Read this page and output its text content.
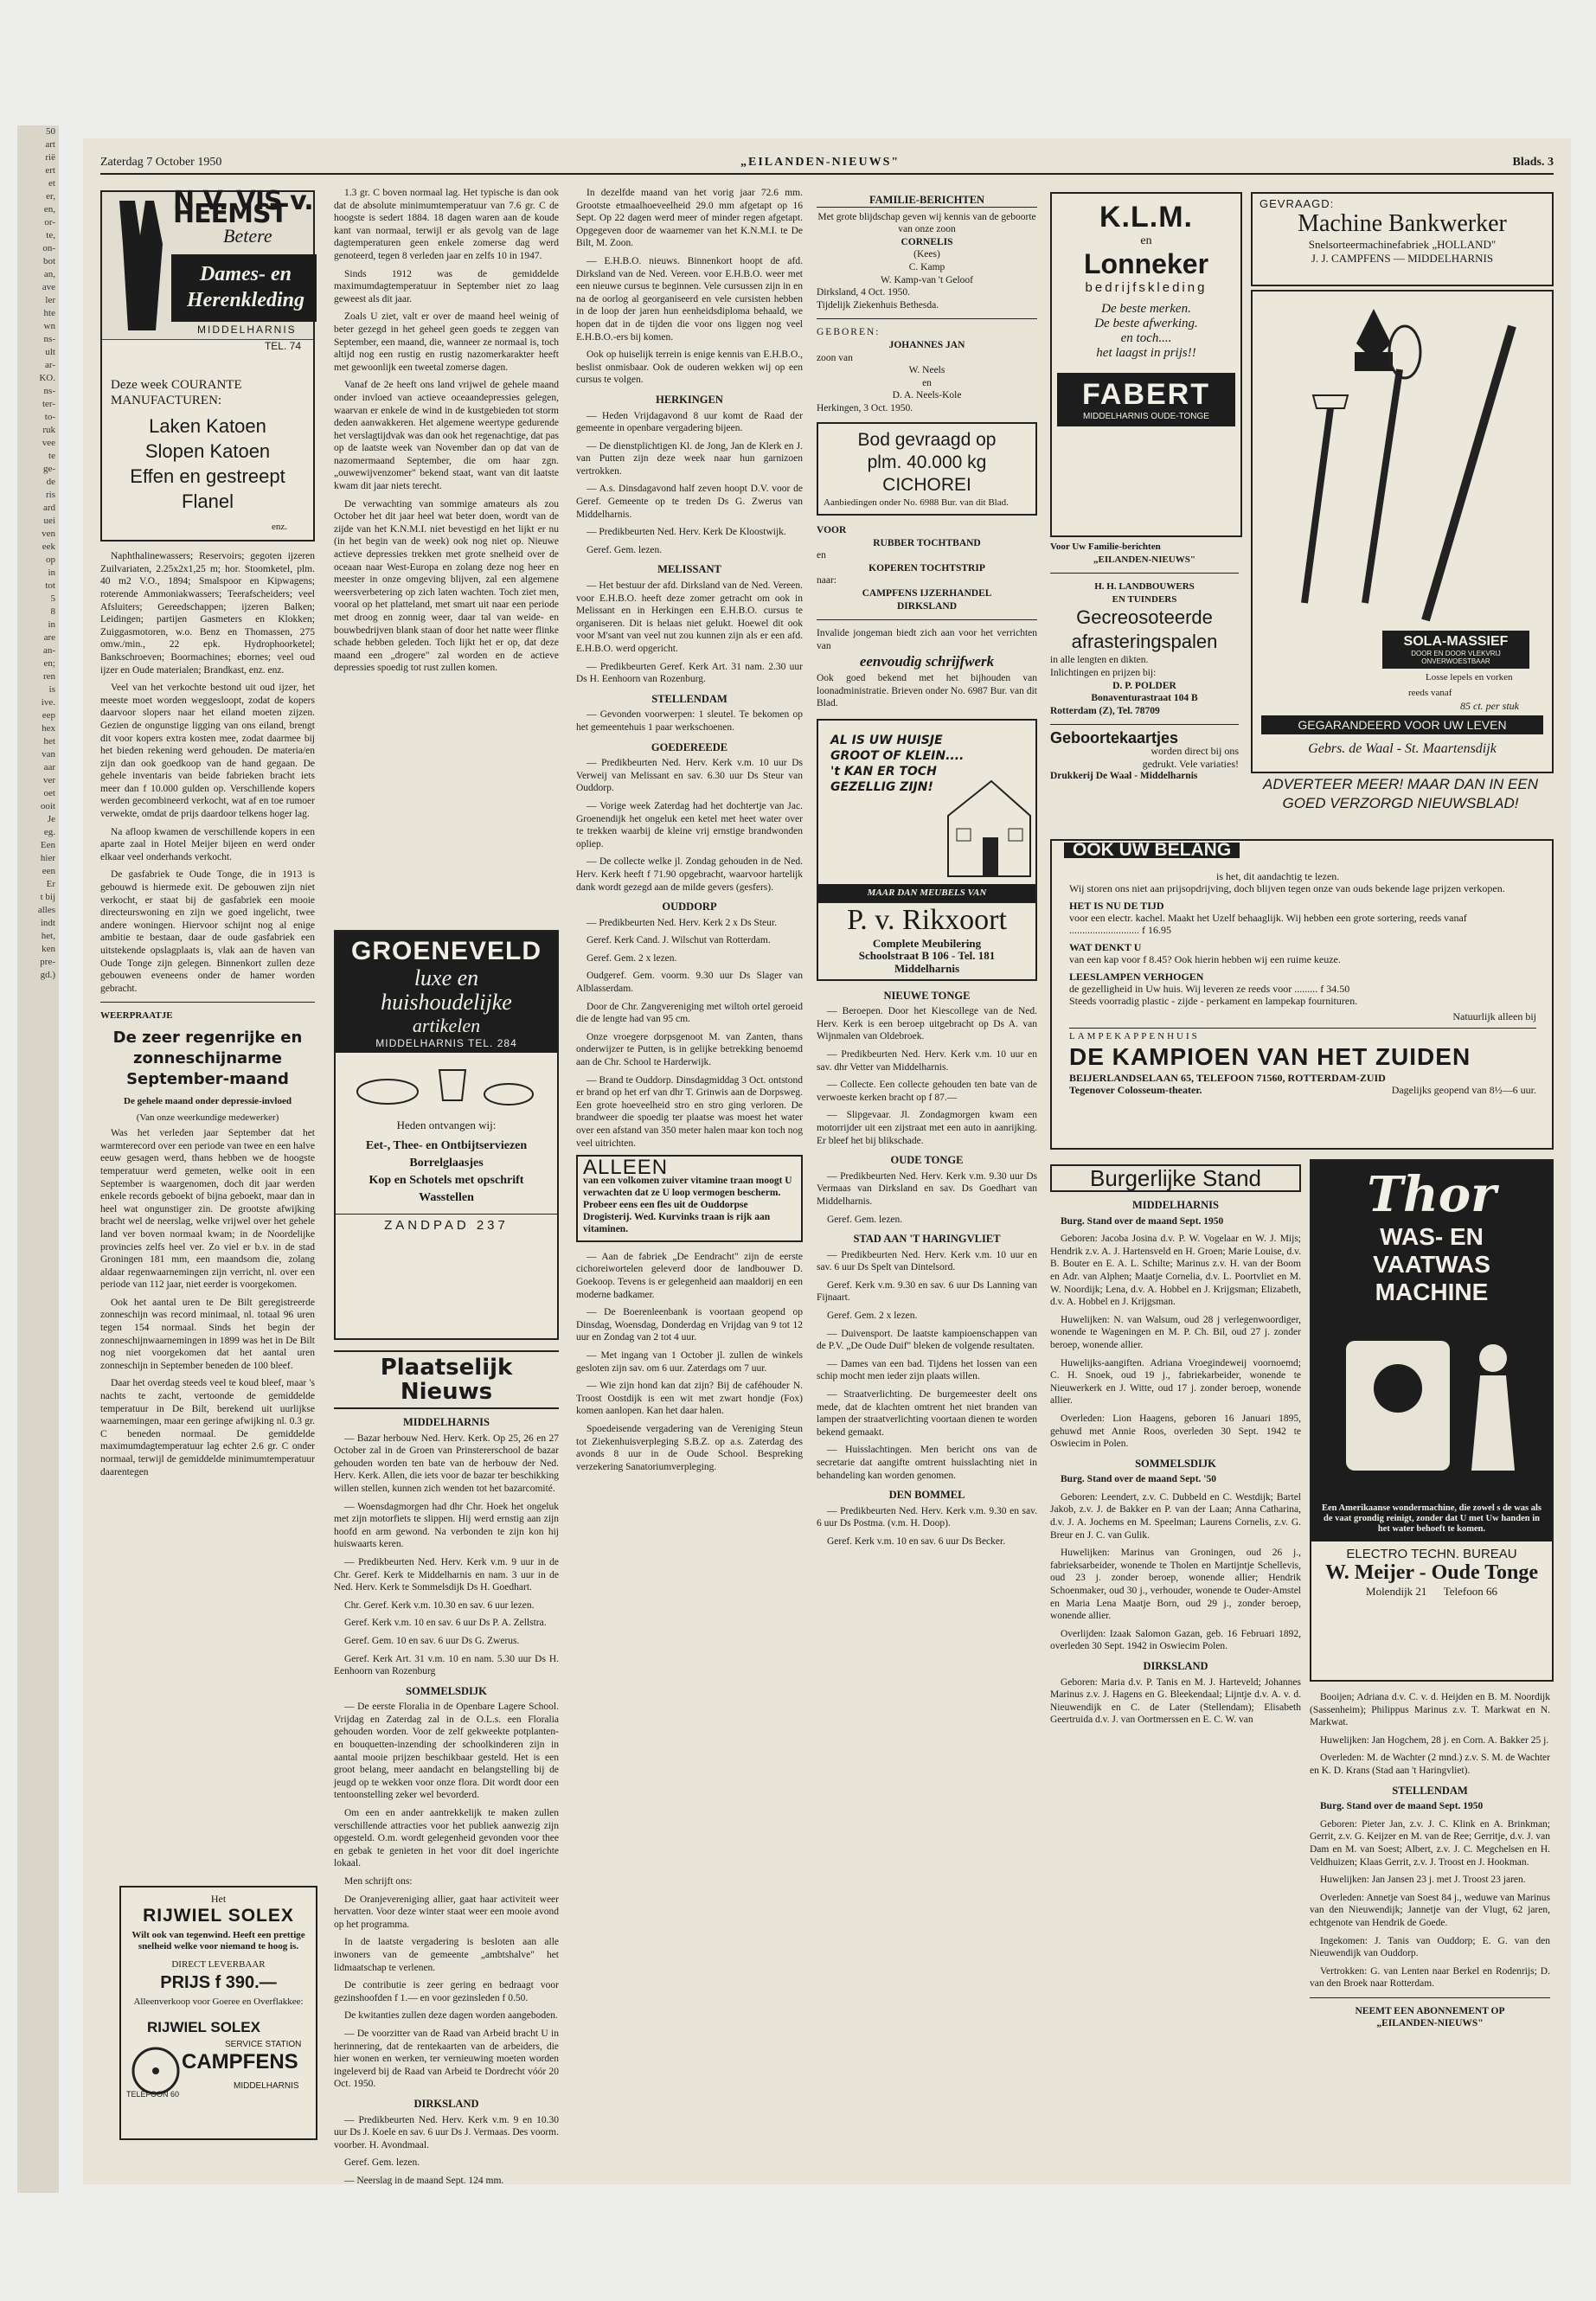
50
art
rië
ert
et
er,
en,
or-
te,
on-
bot
an,
ave
ler
hte
wn
ns-
ult
ar-
KO.
ns-
ter-
to-
ruk
vee
te
ge-
de
ris
ard
uei
ven
eek
op
in
tot
5
8
in
are
an-
en;
ren
is
ive.
eep
hex
het
van
aar
ver
oet
ooit
Je
eg.
Een
hier
een
Er
t bij
alles
indt
het,
ken
pre-
gd.)
Zaterdag 7 October 1950	„EILANDEN-NIEUWS"	Blads. 3
N.V. VIS v. HEEMST
Betere
Dames- en Herenkleding
MIDDELHARNIS
TEL. 74
Deze week COURANTE MANUFACTUREN:
Laken Katoen
Slopen Katoen
Effen en gestreept Flanel
enz.

Naphthalinewassers; Reservoirs; gegoten ijzeren Zuilvariaten, 2.25x2x1,25 m; hor. Stoomketel, plm. 40 m2 V.O., 1894; Smalspoor en Kipwagens; roterende Ammoniakwassers; Teerafscheiders; veel Afsluiters; Gereedschappen; ijzeren Balken; Leidingen; partijen Gasmeters en Klokken; Zuiggasmotoren, w.o. Benz en Thomassen, 275 omw./min., 22 epk. Hydrophoorketel; Bankschroeven; Boormachines; ebornes; veel oud ijzer en Oude materialen; Brandkast, enz. enz.

Veel van het verkochte bestond uit oud ijzer, het meeste moet worden weggesloopt, zodat de kopers daarvoor slopers naar het eiland moeten zijzen. Gezien de ongunstige ligging van ons eiland, brengt dit voor kopers extra kosten mee, zodat daarmee bij het bieden rekening werd gehouden. De materia/en zijn dan ook goedkoop van de hand gegaan. De gehele inventaris van beide fabrieken bracht iets meer dan f 10.000 gulden op. Verschillende kopers werden gecombineerd verkocht, wat af en toe rumoer verwekte, omdat de prijs daardoor telkens hoger lag.

Na afloop kwamen de verschillende kopers in een aparte zaal in Hotel Meijer bijeen en werd onder elkaar veel onderhands verkocht.

De gasfabriek te Oude Tonge, die in 1913 is gebouwd is hiermede exit. De gebouwen zijn niet verkocht, er staat bij de gasfabriek een mooie directeurswoning en zijn we goed ingelicht, twee andere woningen. Hiervoor schijnt nog al enige ambitie te bestaan, daar de oude gasfabriek een uitstekende opslagplaats is, vlak aan de haven van Oude Tonge zijn gelegen. Binnenkort zullen deze gebouwen eveneens onder de hamer worden gebracht.

WEERPRAATJE
De zeer regenrijke en zonneschijnarme September-maand
De gehele maand onder depressie-invloed
(Van onze weerkundige medewerker)

Was het verleden jaar September dat het warmterecord over een periode van twee en een halve eeuw gesagen werd, thans hebben we de hoogste temperatuur werd gemeten, welke ooit in een September is waargenomen, doch dit jaar werden enkele records geboekt of bijna geboekt, maar dan in heel wat ongunstiger zin. De grootste afwijking bracht wel de neerslag, welke vrijwel over het gehele land ver boven normaal kwam; in de Noordelijke provincies zelfs heel ver. Zo viel er b.v. in de stad Groningen 181 mm, een maandsom die, zolang aldaar regenwaarnemingen zijn verricht, nl. over een periode van 112 jaar, niet eerder is voorgekomen.

Ook het aantal uren te De Bilt geregistreerde zonneschijn was record minimaal, nl. totaal 96 uren tegen 154 normaal. Sinds het begin der zonneschijnwaarnemingen in 1899 was het in De Bilt nog niet voorgekomen dat het aantal uren zonneschijn in September beneden de 100 bleef.

Daar het overdag steeds veel te koud bleef, maar 's nachts te zacht, vertoonde de gemiddelde temperatuur in De Bilt, berekend uit uurlijkse waarnemingen, maar een geringe afwijking nl. 0.3 gr. C beneden normaal. De gemiddelde maximumdagtemperatuur lag echter 2.6 gr. C onder normaal, terwijl de gemiddelde minimumtemperatuur daarentegen

Het
RIJWIEL SOLEX
Wilt ook van tegenwind. Heeft een prettige snelheid welke voor niemand te hoog is.
DIRECT LEVERBAAR
PRIJS f 390.—
Alleenverkoop voor Goeree en Overflakkee:
RIJWIEL SOLEX
SERVICE STATION
CAMPFENS
TELEFOON 60
MIDDELHARNIS

1.3 gr. C boven normaal lag. Het typische is dan ook dat de absolute minimumtemperatuur van 7.6 gr. C de hoogste is sedert 1884. 18 dagen waren aan de koude kant van normaal, terwijl er als gevolg van de lage dagtemperaturen geen enkele zomerse dag werd genoteerd, tegen 8 verleden jaar en zelfs 10 in 1947.

Sinds 1912 was de gemiddelde maximumdagtemperatuur in September niet zo laag geweest als dit jaar.

Zoals U ziet, valt er over de maand heel weinig of beter gezegd in het geheel geen goeds te zeggen van September, een maand, die, wanneer ze normaal is, toch altijd nog een rustig en rustig nazomerkarakter heeft met gewoonlijk een tweetal zomerse dagen.

Vanaf de 2e heeft ons land vrijwel de gehele maand onder invloed van actieve oceaandepressies gelegen, waarvan er enkele de wind in de kustgebieden tot storm deden aanwakkeren. Het algemene weertype gedurende het verslagtijdvak was dan ook het regenachtige, dat pas op de laatste week van November dan op dat van de nazomermaand September, die om haar zgn. „ouwewijvenzomer" bekend staat, want van dit laatste kwam dit jaar niets terecht.

De verwachting van sommige amateurs als zou October het dit jaar heel wat beter doen, wordt van de zijde van het K.N.M.I. niet bevestigd en het lijkt er nu (in het begin van de week) ook nog niet op. Nieuwe actieve depressies trekken met grote snelheid over de oceaan naar West-Europa en zolang deze nog heer en meester in onze omgeving blijven, zal een algemene weersverbetering op zich laten wachten. Toch ziet men, vooral op het platteland, met smart uit naar een periode met droog en zonnig weer, daar tal van weide- en bouwbedrijven blank staan of door het natte weer flinke schade hebben geleden. Toch lijkt het er op, dat deze maand een „drogere" zal worden en de actieve depressies spoedig tot rust zullen komen.

GROENEVELD
luxe en
huishoudelijke
artikelen
MIDDELHARNIS TEL. 284
Heden ontvangen wij:
Eet-, Thee- en Ontbijtserviezen
Borrelglaasjes
Kop en Schotels met opschrift
Wasstellen
ZANDPAD 237
Plaatselijk Nieuws
MIDDELHARNIS

— Bazar herbouw Ned. Herv. Kerk. Op 25, 26 en 27 October zal in de Groen van Prinstererschool de bazar gehouden worden ten bate van de herbouw der Ned. Herv. Kerk. Allen, die iets voor de bazar ter beschikking willen stellen, kunnen zich wenden tot het bazarcomité.

— Woensdagmorgen had dhr Chr. Hoek het ongeluk met zijn motorfiets te slippen. Hij werd ernstig aan zijn hoofd en arm gewond. Na verbonden te zijn kon hij huiswaarts keren.

— Predikbeurten Ned. Herv. Kerk v.m. 9 uur in de Chr. Geref. Kerk te Middelharnis en nam. 3 uur in de Ned. Herv. Kerk te Sommelsdijk Ds H. Goedhart.

Chr. Geref. Kerk v.m. 10.30 en sav. 6 uur lezen.

Geref. Kerk v.m. 10 en sav. 6 uur Ds P. A. Zellstra.

Geref. Gem. 10 en sav. 6 uur Ds G. Zwerus.

Geref. Kerk Art. 31 v.m. 10 en nam. 5.30 uur Ds H. Eenhoorn van Rozenburg

SOMMELSDIJK

— De eerste Floralia in de Openbare Lagere School. Vrijdag en Zaterdag zal in de O.L.s. een Floralia gehouden worden. Voor de zelf gekweekte potplanten- en bouquetten-inzending der schoolkinderen zijn in aantal mooie prijzen beschikbaar gesteld. Het is een groot belang, meer aandacht en belangstelling bij de jeugd op te wekken voor onze flora. Dit wordt door een tentoonstelling zeker wel bevorderd.

Om een en ander aantrekkelijk te maken zullen verschillende attracties voor het publiek aanwezig zijn opgesteld. O.m. wordt gelegenheid gevonden voor thee en gebak te genieten in het voor dit doel ingerichte lokaal.

Men schrijft ons:

De Oranjevereniging allier, gaat haar activiteit weer hervatten. Voor deze winter staat weer een mooie avond op het programma.

In de laatste vergadering is besloten aan alle inwoners van de gemeente „ambtshalve" het lidmaatschap te verlenen.

De contributie is zeer gering en bedraagt voor gezinshoofden f 1.— en voor gezinsleden f 0.50.

De kwitanties zullen deze dagen worden aangeboden.

— De voorzitter van de Raad van Arbeid bracht U in herinnering, dat de rentekaarten van de arbeiders, die hier wonen en werken, ter vernieuwing moeten worden ingeleverd bij de Raad van Arbeid te Dordrecht vóór 20 Oct. 1950.

DIRKSLAND

— Predikbeurten Ned. Herv. Kerk v.m. 9 en 10.30 uur Ds J. Koele en sav. 6 uur Ds J. Vermaas. Des voorm. voorber. H. Avondmaal.

Geref. Gem. lezen.

— Neerslag in de maand Sept. 124 mm.

In dezelfde maand van het vorig jaar 72.6 mm. Grootste etmaalhoeveelheid 29.0 mm afgetapt op 16 Sept. Op 22 dagen werd meer of minder regen afgetapt. Opgegeven door de waarnemer van het K.N.M.I. te De Bilt, M. Zoon.

— E.H.B.O. nieuws. Binnenkort hoopt de afd. Dirksland van de Ned. Vereen. voor E.H.B.O. weer met een nieuwe cursus te beginnen. Vele cursussen zijn in en na de oorlog al georganiseerd en vele cursisten hebben in de loop der jaren hun eenheidsdiploma behaald, we hopen dat in de tijden die voor ons liggen nog veel E.H.B.O.-ers bij komen.

Ook op huiselijk terrein is enige kennis van E.H.B.O., beslist onmisbaar. Ook de ouderen wekken wij op een cursus te volgen.

HERKINGEN

— Heden Vrijdagavond 8 uur komt de Raad der gemeente in openbare vergadering bijeen.

— De dienstplichtigen Kl. de Jong, Jan de Klerk en J. van Putten zijn deze week naar hun garnizoen vertrokken.

— A.s. Dinsdagavond half zeven hoopt D.V. voor de Geref. Gemeente op te treden Ds G. Zwerus van Middelharnis.

— Predikbeurten Ned. Herv. Kerk De Kloostwijk.

Geref. Gem. lezen.

MELISSANT

— Het bestuur der afd. Dirksland van de Ned. Vereen. voor E.H.B.O. heeft deze zomer getracht om ook in Melissant en in Herkingen een E.H.B.O. cursus te organiseren. Dit is helaas niet gelukt. Hoewel dit ook voor M'sant van veel nut zou kunnen zijn als er een afd. E.H.B.O. werd opgericht.

— Predikbeurten Geref. Kerk Art. 31 nam. 2.30 uur Ds H. Eenhoorn van Rozenburg.

STELLENDAM

— Gevonden voorwerpen: 1 sleutel. Te bekomen op het gemeentehuis 1 paar werkschoenen.

GOEDEREEDE

— Predikbeurten Ned. Herv. Kerk v.m. 10 uur Ds Verweij van Melissant en sav. 6.30 uur Ds Steur van Ouddorp.

— Vorige week Zaterdag had het dochtertje van Jac. Groenendijk het ongeluk een ketel met heet water over te trekken waarbij de kleine vrij ernstige brandwonden opliep.

— De collecte welke jl. Zondag gehouden in de Ned. Herv. Kerk heeft f 71.90 opgebracht, waarvoor hartelijk dank wordt gezegd aan de milde gevers (gesfers).

OUDDORP

— Predikbeurten Ned. Herv. Kerk 2 x Ds Steur.

Geref. Kerk Cand. J. Wilschut van Rotterdam.

Geref. Gem. 2 x lezen.

Oudgeref. Gem. voorm. 9.30 uur Ds Slager van Alblasserdam.

Door de Chr. Zangvereniging met wiltoh ortel geroeid die de lengte had van 95 cm.

Onze vroegere dorpsgenoot M. van Zanten, thans onderwijzer te Putten, is in gelijke betrekking benoemd aan de Chr. School te Harderwijk.

— Brand te Ouddorp. Dinsdagmiddag 3 Oct. ontstond er brand op het erf van dhr T. Grinwis aan de Dorpsweg. Een grote hoeveelheid stro en stro ging verloren. De brandweer die spoedig ter plaatse was moest het water over een afstand van 350 meter halen maar kon toch nog veel uitrichten.

ALLEEN
van een volkomen zuiver vitamine traan moogt U verwachten dat ze U loop vermogen bescherm. Probeer eens een fles uit de Ouddorpse Drogisterij. Wed. Kurvinks traan is rijk aan vitaminen.

— Aan de fabriek „De Eendracht" zijn de eerste cichoreiwortelen geleverd door de landbouwer D. Goekoop. Tevens is er gelegenheid aan maaldorij en een moderne badkamer.

— De Boerenleenbank is voortaan geopend op Dinsdag, Woensdag, Donderdag en Vrijdag van 9 tot 12 uur en Zondag van 2 tot 4 uur.

— Met ingang van 1 October jl. zullen de winkels gesloten zijn sav. om 6 uur. Zaterdags om 7 uur.

— Wie zijn hond kan dat zijn? Bij de caféhouder N. Troost Oostdijk is een wit met zwart hondje (Fox) komen aanlopen. Kan het daar halen.

Spoedeisende vergadering van de Vereniging Steun tot Ziekenhuisverpleging S.B.Z. op a.s. Zaterdag des avonds 8 uur in de Oude School. Bespreking verzekering Sanatoriumverpleging.

FAMILIE-BERICHTEN
Met grote blijdschap geven wij kennis van de geboorte van onze zoon
CORNELIS
(Kees)
C. Kamp
W. Kamp-van 't Geloof
Dirksland, 4 Oct. 1950.
Tijdelijk Ziekenhuis Bethesda.
GEBOREN:
JOHANNES JAN
zoon van
W. Neels
en
D. A. Neels-Kole
Herkingen, 3 Oct. 1950.
Bod gevraagd op
plm. 40.000 kg
CICHOREI
Aanbiedingen onder No. 6988 Bur. van dit Blad.
VOOR
RUBBER TOCHTBAND
en
KOPEREN TOCHTSTRIP
naar:
CAMPFENS IJZERHANDEL
DIRKSLAND
Invalide jongeman biedt zich aan voor het verrichten van
eenvoudig schrijfwerk
Ook goed bekend met het bijhouden van loonadministratie. Brieven onder No. 6987 Bur. van dit Blad.
AL IS UW HUISJE
GROOT OF KLEIN....
't KAN ER TOCH
GEZELLIG ZIJN!
MAAR DAN MEUBELS VAN
P. v. Rikxoort
Complete Meubilering
Schoolstraat B 106 - Tel. 181
Middelharnis
NIEUWE TONGE

— Beroepen. Door het Kiescollege van de Ned. Herv. Kerk is een beroep uitgebracht op Ds A. van Wijnmalen van Oldebroek.

— Predikbeurten Ned. Herv. Kerk v.m. 10 uur en sav. dhr Vetter van Middelharnis.

— Collecte. Een collecte gehouden ten bate van de verwoeste kerken bracht op f 87.—

— Slipgevaar. Jl. Zondagmorgen kwam een motorrijder uit een zijstraat met een auto in aanrijking. Er bleef het bij blikschade.

OUDE TONGE

— Predikbeurten Ned. Herv. Kerk v.m. 9.30 uur Ds Vermaas van Dirksland en sav. Ds Goedhart van Middelharnis.

Geref. Gem. lezen.

STAD AAN 'T HARINGVLIET

— Predikbeurten Ned. Herv. Kerk v.m. 10 uur en sav. 6 uur Ds Spelt van Dintelsord.

Geref. Kerk v.m. 9.30 en sav. 6 uur Ds Lanning van Fijnaart.

Geref. Gem. 2 x lezen.

— Duivensport. De laatste kampioenschappen van de P.V. „De Oude Duif" bleken de volgende resultaten.

— Dames van een bad. Tijdens het lossen van een schip mocht men ieder zijn plaats willen.

— Straatverlichting. De burgemeester deelt ons mede, dat de klachten omtrent het niet branden van lampen der straatverlichting voortaan dienen te worden bekend gemaakt.

— Huisslachtingen. Men bericht ons van de secretarie dat aangifte omtrent huisslachting niet in behandeling kan worden genomen.

DEN BOMMEL

— Predikbeurten Ned. Herv. Kerk v.m. 9.30 en sav. 6 uur Ds Postma. (v.m. H. Doop).

Geref. Kerk v.m. 10 en sav. 6 uur Ds Becker.

K.L.M.
en
Lonneker
bedrijfskleding
De beste merken.
De beste afwerking.
en toch....
het laagst in prijs!!
FABERT
MIDDELHARNIS OUDE-TONGE
Voor Uw Familie-berichten
„EILANDEN-NIEUWS"
H. H. LANDBOUWERS
EN TUINDERS
Gecreosoteerde
afrasteringspalen
in alle lengten en dikten.
Inlichtingen en prijzen bij:
D. P. POLDER
Bonaventurastraat 104 B
Rotterdam (Z), Tel. 78709
Geboortekaartjes
worden direct bij ons
gedrukt. Vele variaties!
Drukkerij De Waal - Middelharnis
GEVRAAGD:
Machine Bankwerker
Snelsorteermachinefabriek „HOLLAND"
J. J. CAMPFENS — MIDDELHARNIS
SOLA-MASSIEF
DOOR EN DOOR VLEKVRIJ ONVERWOESTBAAR
Losse lepels en vorken
reeds vanaf
85 ct. per stuk
GEGARANDEERD VOOR UW LEVEN
Gebrs. de Waal - St. Maartensdijk
ADVERTEER MEER! MAAR DAN IN EEN
GOED VERZORGD NIEUWSBLAD!
OOK UW BELANG
is het, dit aandachtig te lezen.
Wij storen ons niet aan prijsopdrijving, doch blijven tegen onze van ouds bekende lage prijzen verkopen.
HET IS NU DE TIJD
voor een electr. kachel. Maakt het Uzelf behaaglijk. Wij hebben een grote sortering, reeds vanaf ........................... f 16.95
WAT DENKT U
van een kap voor f 8.45? Ook hierin hebben wij een ruime keuze.
LEESLAMPEN VERHOGEN
de gezelligheid in Uw huis. Wij leveren ze reeds voor ......... f 34.50
Steeds voorradig plastic - zijde - perkament en lampekap fournituren.
Natuurlijk alleen bij
LAMPEKAPPENHUIS
DE KAMPIOEN VAN HET ZUIDEN
BEIJERLANDSELAAN 65, TELEFOON 71560, ROTTERDAM-ZUID
Tegenover Colosseum-theater.	Dagelijks geopend van 8½—6 uur.
Burgerlijke Stand
MIDDELHARNIS

Burg. Stand over de maand Sept. 1950

Geboren: Jacoba Josina d.v. P. W. Vogelaar en W. J. Mijs; Hendrik z.v. A. J. Hartensveld en H. Groen; Marie Louise, d.v. B. Bouter en E. A. L. Schilte; Marinus z.v. H. van der Boom en Adr. van Alphen; Maatje Cornelia, d.v. L. Poortvliet en M. W. Noordijk; Lena, d.v. A. Hobbel en J. Krijgsman; Elizabeth, d.v. A. Hobbel en J. Krijgsman.

Huwelijken: N. van Walsum, oud 28 j verlegenwoordiger, wonende te Wageningen en M. P. Ch. Bil, oud 27 j. zonder beroep, wonende allier.

Huwelijks-aangiften. Adriana Vroegindeweij voornoemd; C. H. Snoek, oud 19 j., fabriekarbeider, wonende te Nieuwerkerk en J. Witte, oud 17 j. zonder beroep, wonende allier.

Overleden: Lion Haagens, geboren 16 Januari 1895, gehuwd met Annie Roos, overleden 30 Sept. 1942 te Oswiecim in Polen.

SOMMELSDIJK

Burg. Stand over de maand Sept. '50

Geboren: Leendert, z.v. C. Dubbeld en C. Westdijk; Bartel Jakob, z.v. J. de Bakker en P. van der Laan; Anna Catharina, d.v. J. A. Jochems en M. Speelman; Laurens Cornelis, z.v. G. Breur en J. C. van Gulik.

Huwelijken: Marinus van Groningen, oud 26 j., fabrieksarbeider, wonende te Tholen en Martijntje Schellevis, oud 23 j. zonder beroep, wonende allier; Hendrik Schoenmaker, oud 30 j., verhouder, wonende te Ouder-Amstel en Maria Lena Maatje Born, oud 29 j., zonder beroep, wonende allier.

Overlijden: Izaak Salomon Gazan, geb. 16 Februari 1892, overleden 30 Sept. 1942 in Oswiecim Polen.

DIRKSLAND

Geboren: Maria d.v. P. Tanis en M. J. Harteveld; Johannes Marinus z.v. J. Hagens en G. Bleekendaal; Lijntje d.v. A. v. d. Nieuwendijk en C. de Later (Stellendam); Elisabeth Geertruida d.v. J. van Oortmerssen en E. C. W. van

Thor
WAS- EN
VAATWAS
MACHINE
Een Amerikaanse wondermachine, die zowel s de was als de vaat grondig reinigt, zonder dat U met Uw handen in het water behoeft te komen.
ELECTRO TECHN. BUREAU
W. Meijer - Oude Tonge
Molendijk 21 Telefoon 66

Booijen; Adriana d.v. C. v. d. Heijden en B. M. Noordijk (Sassenheim); Philippus Marinus z.v. T. Markwat en N. Markwat.

Huwelijken: Jan Hogchem, 28 j. en Corn. A. Bakker 25 j.

Overleden: M. de Wachter (2 mnd.) z.v. S. M. de Wachter en K. D. Krans (Stad aan 't Haringvliet).

STELLENDAM

Burg. Stand over de maand Sept. 1950

Geboren: Pieter Jan, z.v. J. C. Klink en A. Brinkman; Gerrit, z.v. G. Keijzer en M. van de Ree; Gerritje, d.v. J. van Dam en M. van Soest; Albert, z.v. J. C. Megchelsen en H. Veldhuizen; Klaas Gerrit, z.v. J. Troost en J. Hookman.

Huwelijken: Jan Jansen 23 j. met J. Troost 23 jaren.

Overleden: Annetje van Soest 84 j., weduwe van Marinus van den Nieuwendijk; Jannetje van der Vlugt, 62 jaren, echtgenote van Hendrik de Goede.

Ingekomen: J. Tanis van Ouddorp; E. G. van den Nieuwendijk van Ouddorp.

Vertrokken: G. van Lenten naar Berkel en Rodenrijs; D. van den Broek naar Rotterdam.

NEEMT EEN ABONNEMENT OP
„EILANDEN-NIEUWS"
